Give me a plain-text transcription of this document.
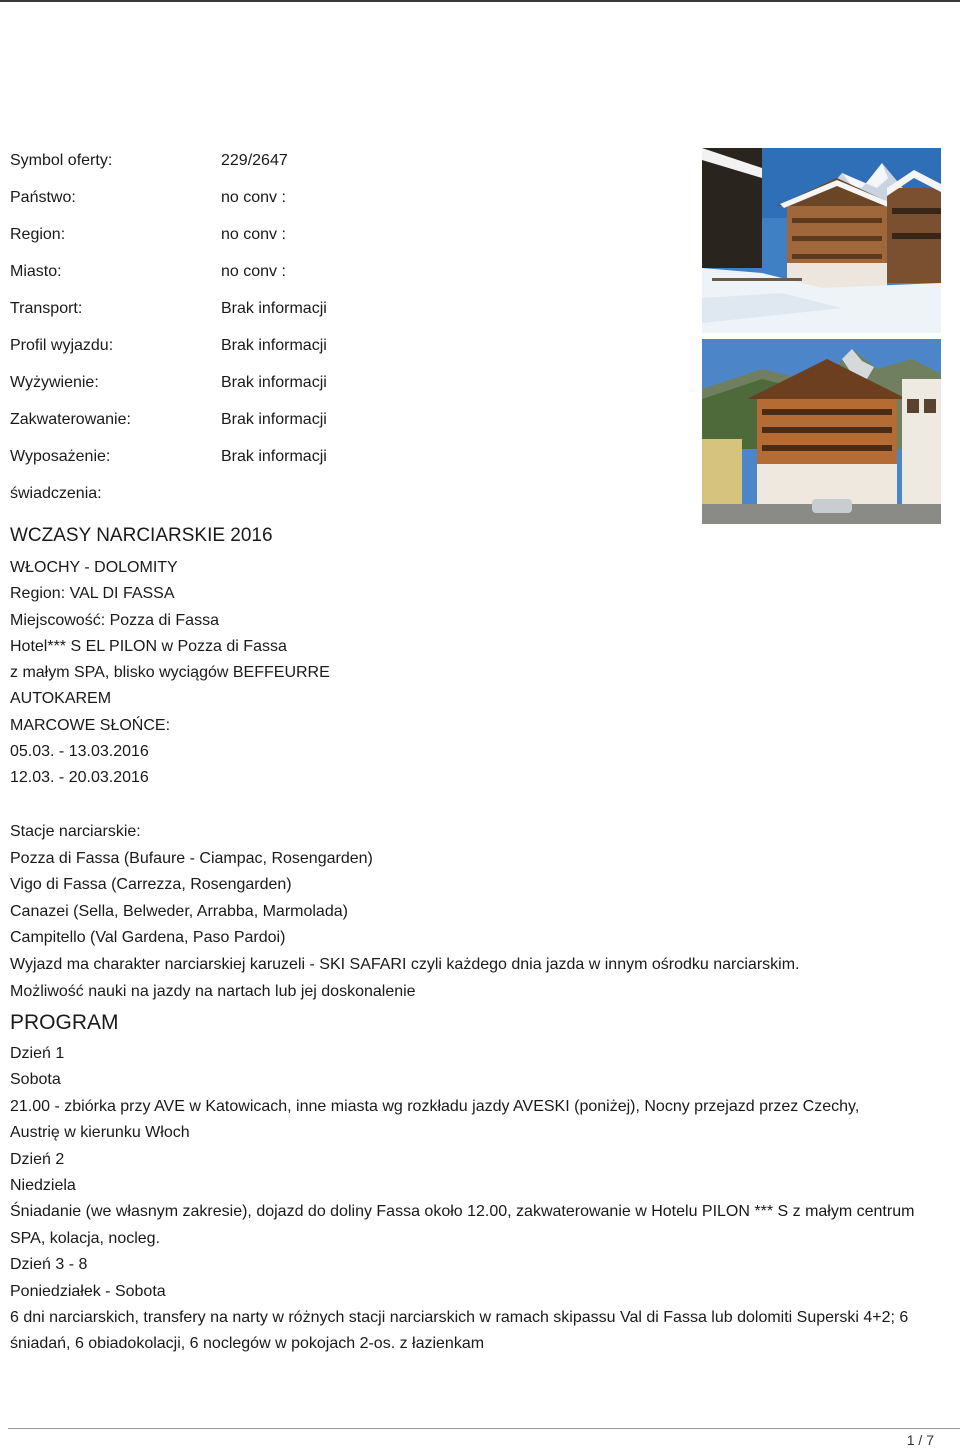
Symbol oferty:	229/2647
Państwo:	no conv :
Region:	no conv :
Miasto:	no conv :
Transport:	Brak informacji
Profil wyjazdu:	Brak informacji
Wyżywienie:	Brak informacji
Zakwaterowanie:	Brak informacji
Wyposażenie:	Brak informacji
świadczenia:
WCZASY NARCIARSKIE 2016
WŁOCHY - DOLOMITY
Region: VAL DI FASSA
Miejscowość: Pozza di Fassa
Hotel*** S EL PILON w Pozza di Fassa
z małym SPA, blisko wyciągów BEFFEURRE
AUTOKAREM
MARCOWE SŁOŃCE:
05.03. - 13.03.2016
12.03. - 20.03.2016
Stacje narciarskie:
Pozza di Fassa (Bufaure - Ciampac, Rosengarden)
Vigo di Fassa (Carrezza, Rosengarden)
Canazei (Sella, Belweder, Arrabba, Marmolada)
Campitello (Val Gardena, Paso Pardoi)
Wyjazd ma charakter narciarskiej karuzeli - SKI SAFARI czyli każdego dnia jazda w innym ośrodku narciarskim.
Możliwość nauki na jazdy na nartach lub jej doskonalenie
PROGRAM
Dzień 1
Sobota
21.00 - zbiórka przy AVE w Katowicach, inne miasta wg rozkładu jazdy AVESKI (poniżej), Nocny przejazd przez Czechy,
Austrię w kierunku Włoch
Dzień 2
Niedziela
Śniadanie (we własnym zakresie), dojazd do doliny Fassa około 12.00, zakwaterowanie w Hotelu PILON *** S z małym centrum
SPA, kolacja, nocleg.
Dzień 3 - 8
Poniedziałek - Sobota
6 dni narciarskich, transfery na narty w różnych stacji narciarskich w ramach skipassu Val di Fassa lub dolomiti Superski 4+2; 6
śniadań, 6 obiadokolacji, 6 noclegów w pokojach 2-os. z łazienkam
1 / 7
